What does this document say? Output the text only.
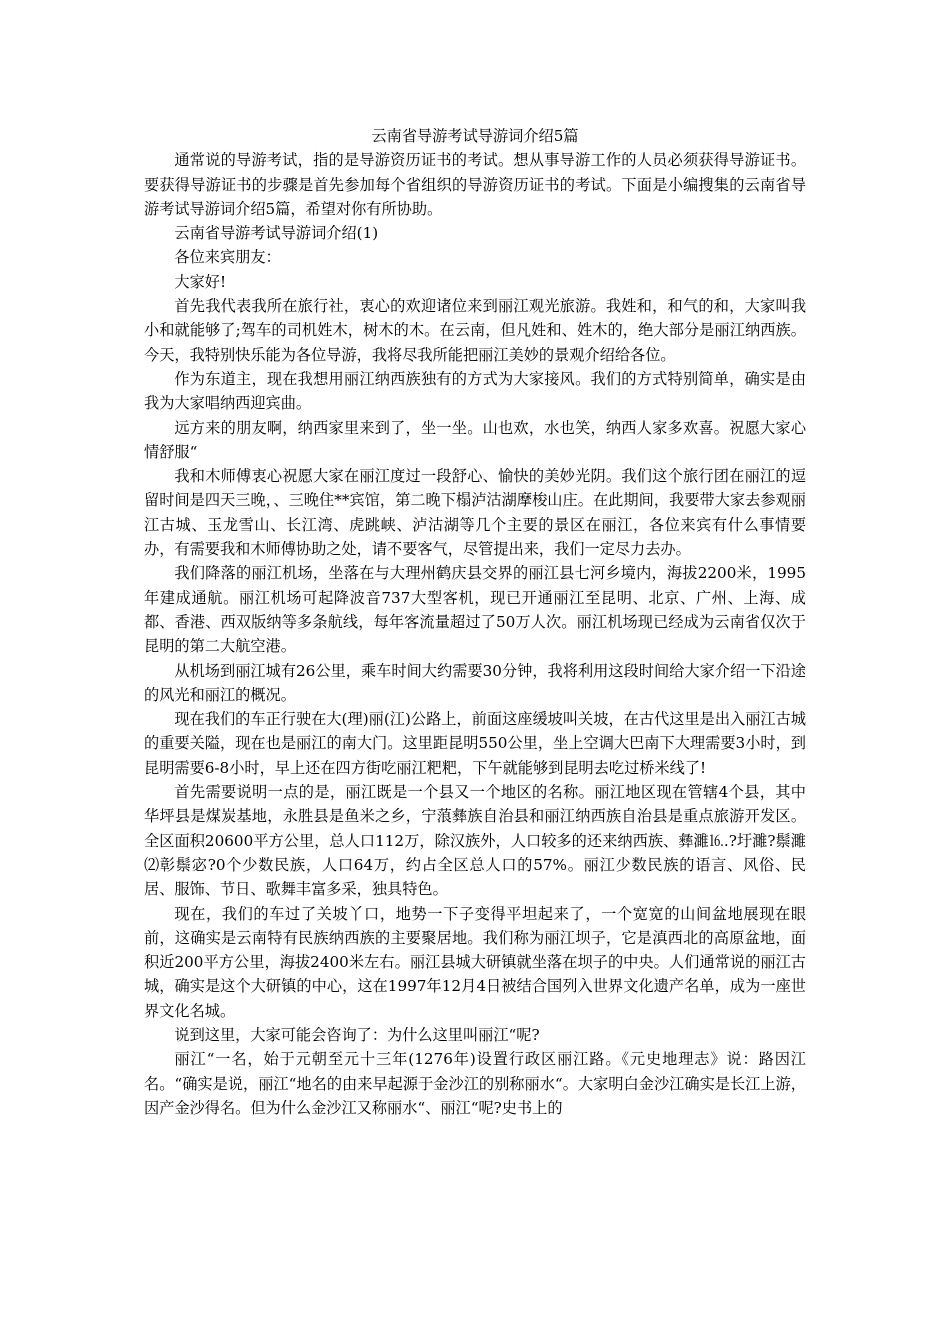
云南省导游考试导游词介绍5篇

通常说的导游考试，指的是导游资历证书的考试。想从事导游工作的人员必须获得导游证书。要获得导游证书的步骤是首先参加每个省组织的导游资历证书的考试。下面是小编搜集的云南省导游考试导游词介绍5篇，希望对你有所协助。

云南省导游考试导游词介绍(1)

各位来宾朋友：

大家好!

首先我代表我所在旅行社，衷心的欢迎诸位来到丽江观光旅游。我姓和，和气的和，大家叫我小和就能够了;驾车的司机姓木，树木的木。在云南，但凡姓和、姓木的，绝大部分是丽江纳西族。今天，我特别快乐能为各位导游，我将尽我所能把丽江美妙的景观介绍给各位。

作为东道主，现在我想用丽江纳西族独有的方式为大家接风。我们的方式特别简单，确实是由我为大家唱纳西迎宾曲。

远方来的朋友啊，纳西家里来到了，坐一坐。山也欢，水也笑，纳西人家多欢喜。祝愿大家心情舒服“

我和木师傅衷心祝愿大家在丽江度过一段舒心、愉快的美妙光阴。我们这个旅行团在丽江的逗留时间是四天三晚，、三晚住**宾馆，第二晚下榻泸沽湖摩梭山庄。在此期间，我要带大家去参观丽江古城、玉龙雪山、长江湾、虎跳峡、泸沽湖等几个主要的景区在丽江，各位来宾有什么事情要办，有需要我和木师傅协助之处，请不要客气，尽管提出来，我们一定尽力去办。

我们降落的丽江机场，坐落在与大理州鹤庆县交界的丽江县七河乡境内，海拔2200米，1995年建成通航。丽江机场可起降波音737大型客机，现已开通丽江至昆明、北京、广州、上海、成都、香港、西双版纳等多条航线，每年客流量超过了50万人次。丽江机场现已经成为云南省仅次于昆明的第二大航空港。

从机场到丽江城有26公里，乘车时间大约需要30分钟，我将利用这段时间给大家介绍一下沿途的风光和丽江的概况。

现在我们的车正行驶在大(理)丽(江)公路上，前面这座缓坡叫关坡，在古代这里是出入丽江古城的重要关隘，现在也是丽江的南大门。这里距昆明550公里，坐上空调大巴南下大理需要3小时，到昆明需要6-8小时，早上还在四方街吃丽江粑粑，下午就能够到昆明去吃过桥米线了!

首先需要说明一点的是，丽江既是一个县又一个地区的名称。丽江地区现在管辖4个县，其中华坪县是煤炭基地，永胜县是鱼米之乡，宁蒗彝族自治县和丽江纳西族自治县是重点旅游开发区。全区面积20600平方公里，总人口112万，除汉族外，人口较多的还来纳西族、彝濉⒗.?圩濉?鬃濉⑵彰鬃宓?0个少数民族，人口64万，约占全区总人口的57%。丽江少数民族的语言、风俗、民居、服饰、节日、歌舞丰富多采，独具特色。

现在，我们的车过了关坡丫口，地势一下子变得平坦起来了，一个宽宽的山间盆地展现在眼前，这确实是云南特有民族纳西族的主要聚居地。我们称为丽江坝子，它是滇西北的高原盆地，面积近200平方公里，海拔2400米左右。丽江县城大研镇就坐落在坝子的中央。人们通常说的丽江古城，确实是这个大研镇的中心，这在1997年12月4日被结合国列入世界文化遗产名单，成为一座世界文化名城。

说到这里，大家可能会咨询了：为什么这里叫丽江“呢?

丽江“一名，始于元朝至元十三年(1276年)设置行政区丽江路。《元史地理志》说：路因江名。“确实是说，丽江“地名的由来早起源于金沙江的别称丽水“。大家明白金沙江确实是长江上游，因产金沙得名。但为什么金沙江又称丽水“、丽江“呢?史书上的
